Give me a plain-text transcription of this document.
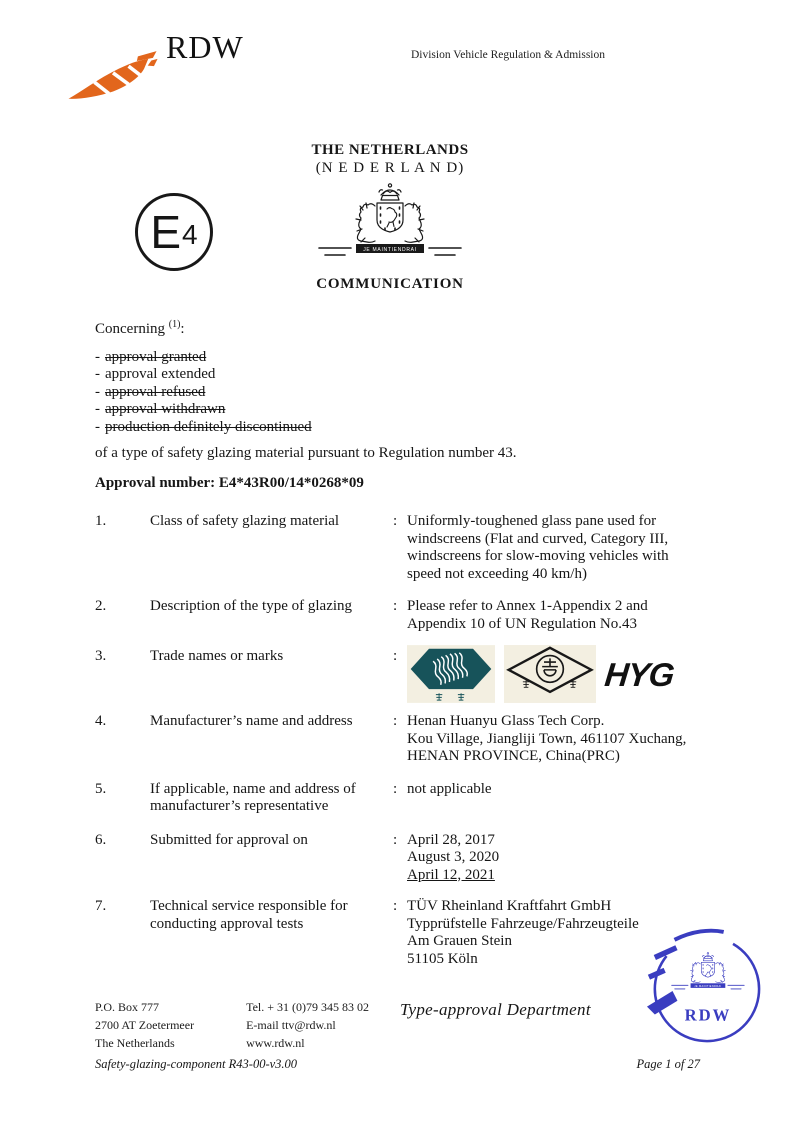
RDW	Division Vehicle Regulation & Admission
THE NETHERLANDS
(N E D E R L A N D)
COMMUNICATION
E 4
Concerning $^{(1)}$:
- approval granted
- approval extended
- approval refused
- approval withdrawn
- production definitely discontinued
of a type of safety glazing material pursuant to Regulation number 43.
Approval number: E4*43R00/14*0268*09
1.	Class of safety glazing material	: Uniformly-toughened glass pane used for
windscreens (Flat and curved, Category III,
windscreens for slow-moving vehicles with
speed not exceeding 40 km/h)
2.	Description of the type of glazing	: Please refer to Annex 1-Appendix 2 and
Appendix 10 of UN Regulation No.43
3.	Trade names or marks	:	HYG
4.	Manufacturer’s name and address	: Henan Huanyu Glass Tech Corp.
Kou Village, Jiangliji Town, 461107 Xuchang,
HENAN PROVINCE, China(PRC)
5.	If applicable, name and address of
manufacturer’s representative
: not applicable
6.	Submitted for approval on	: April 28, 2017
August 3, 2020
April 12, 2021
7.	Technical service responsible for
conducting approval tests
: TÜV Rheinland Kraftfahrt GmbH
Typprüfstelle Fahrzeuge/Fahrzeugteile
Am Grauen Stein
51105 Köln
P.O. Box 777
2700 AT Zoetermeer
The Netherlands
Tel. + 31 (0)79 345 83 02
E-mail ttv@rdw.nl
www.rdw.nl
Type-approval Department	RDW
Safety-glazing-component R43-00-v3.00	Page 1 of 27
